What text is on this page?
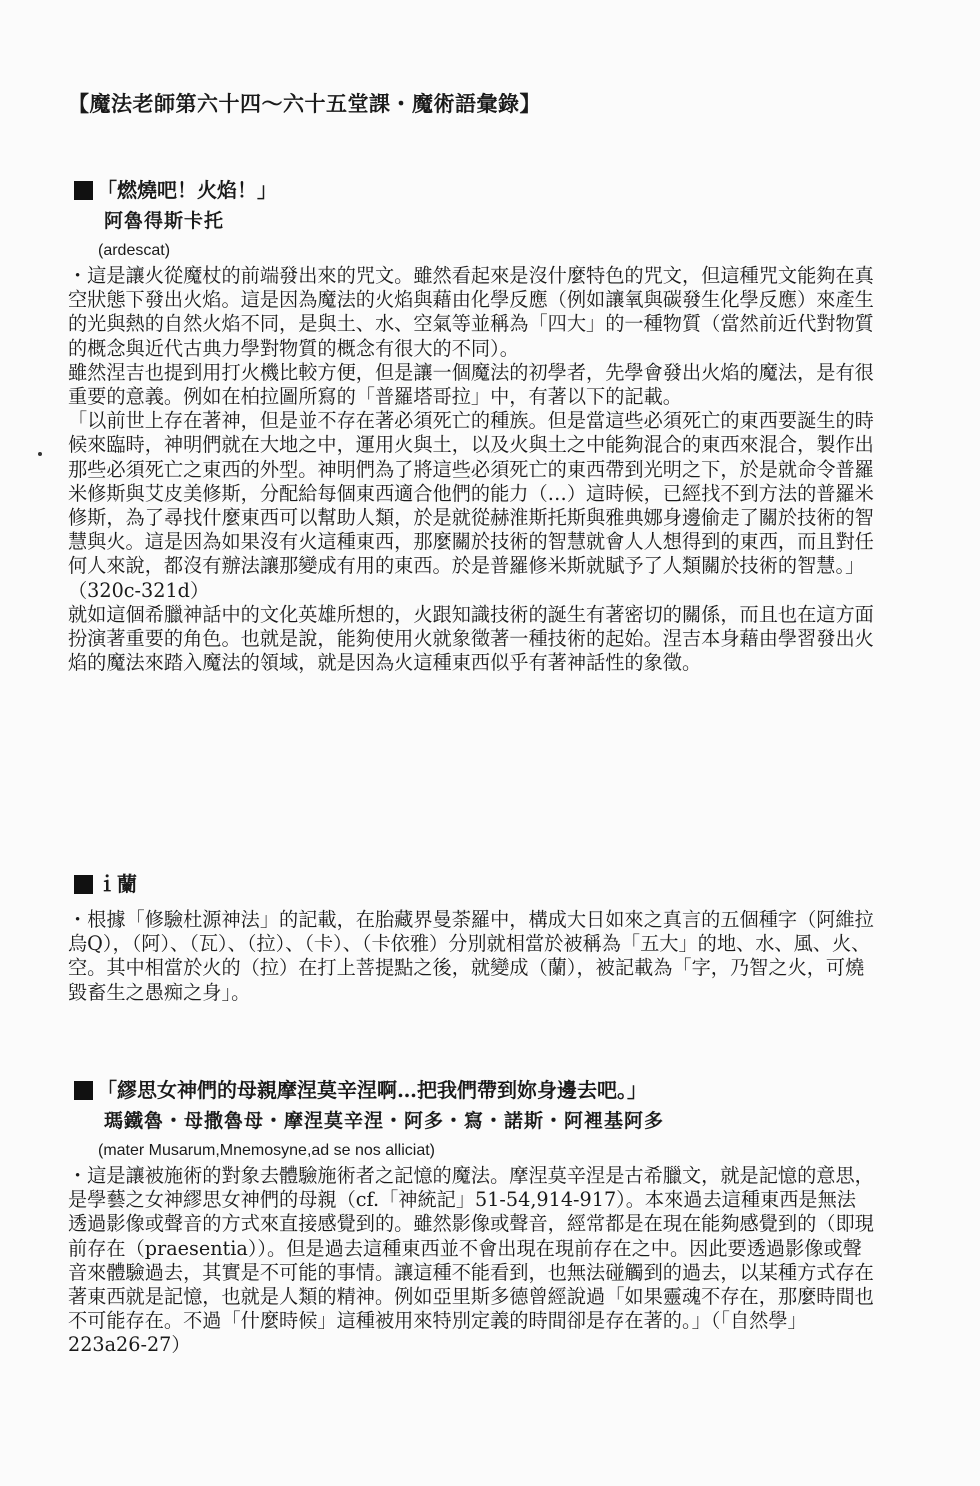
【魔法老師第六十四～六十五堂課・魔術語彙錄】
「燃燒吧！火焰！」
阿魯得斯卡托
(ardescat)

・這是讓火從魔杖的前端發出來的咒文。雖然看起來是沒什麼特色的咒文，但這種咒文能夠在真空狀態下發出火焰。這是因為魔法的火焰與藉由化學反應（例如讓氧與碳發生化學反應）來產生的光與熱的自然火焰不同，是與土、水、空氣等並稱為「四大」的一種物質（當然前近代對物質的概念與近代古典力學對物質的概念有很大的不同）。

雖然涅吉也提到用打火機比較方便，但是讓一個魔法的初學者，先學會發出火焰的魔法，是有很重要的意義。例如在柏拉圖所寫的「普羅塔哥拉」中，有著以下的記載。

「以前世上存在著神，但是並不存在著必須死亡的種族。但是當這些必須死亡的東西要誕生的時候來臨時，神明們就在大地之中，運用火與土，以及火與土之中能夠混合的東西來混合，製作出那些必須死亡之東西的外型。神明們為了將這些必須死亡的東西帶到光明之下，於是就命令普羅米修斯與艾皮美修斯，分配給每個東西適合他們的能力（…）這時候，已經找不到方法的普羅米修斯，為了尋找什麼東西可以幫助人類，於是就從赫淮斯托斯與雅典娜身邊偷走了關於技術的智慧與火。這是因為如果沒有火這種東西，那麼關於技術的智慧就會人人想得到的東西，而且對任何人來說，都沒有辦法讓那變成有用的東西。於是普羅修米斯就賦予了人類關於技術的智慧。」（320c-321d）

就如這個希臘神話中的文化英雄所想的，火跟知識技術的誕生有著密切的關係，而且也在這方面扮演著重要的角色。也就是說，能夠使用火就象徵著一種技術的起始。涅吉本身藉由學習發出火焰的魔法來踏入魔法的領域，就是因為火這種東西似乎有著神話性的象徵。

ｉ蘭

・根據「修驗杜源神法」的記載，在胎藏界曼荼羅中，構成大日如來之真言的五個種字（阿維拉烏Q），（阿）、（瓦）、（拉）、（卡）、（卡依雅）分別就相當於被稱為「五大」的地、水、風、火、空。其中相當於火的（拉）在打上菩提點之後，就變成（蘭），被記載為「字，乃智之火，可燒毀畜生之愚痴之身」。

「繆思女神們的母親摩涅莫辛涅啊…把我們帶到妳身邊去吧。」
瑪鐵魯・母撒魯母・摩涅莫辛涅・阿多・寫・諾斯・阿裡基阿多
(mater Musarum,Mnemosyne,ad se nos alliciat)

・這是讓被施術的對象去體驗施術者之記憶的魔法。摩涅莫辛涅是古希臘文，就是記憶的意思，是學藝之女神繆思女神們的母親（cf.「神統記」51-54,914-917）。本來過去這種東西是無法透過影像或聲音的方式來直接感覺到的。雖然影像或聲音，經常都是在現在能夠感覺到的（即現前存在（praesentia））。但是過去這種東西並不會出現在現前存在之中。因此要透過影像或聲音來體驗過去，其實是不可能的事情。讓這種不能看到，也無法碰觸到的過去，以某種方式存在著東西就是記憶，也就是人類的精神。例如亞里斯多德曾經說過「如果靈魂不存在，那麼時間也不可能存在。不過「什麼時候」這種被用來特別定義的時間卻是存在著的。」（「自然學」223a26-27）
